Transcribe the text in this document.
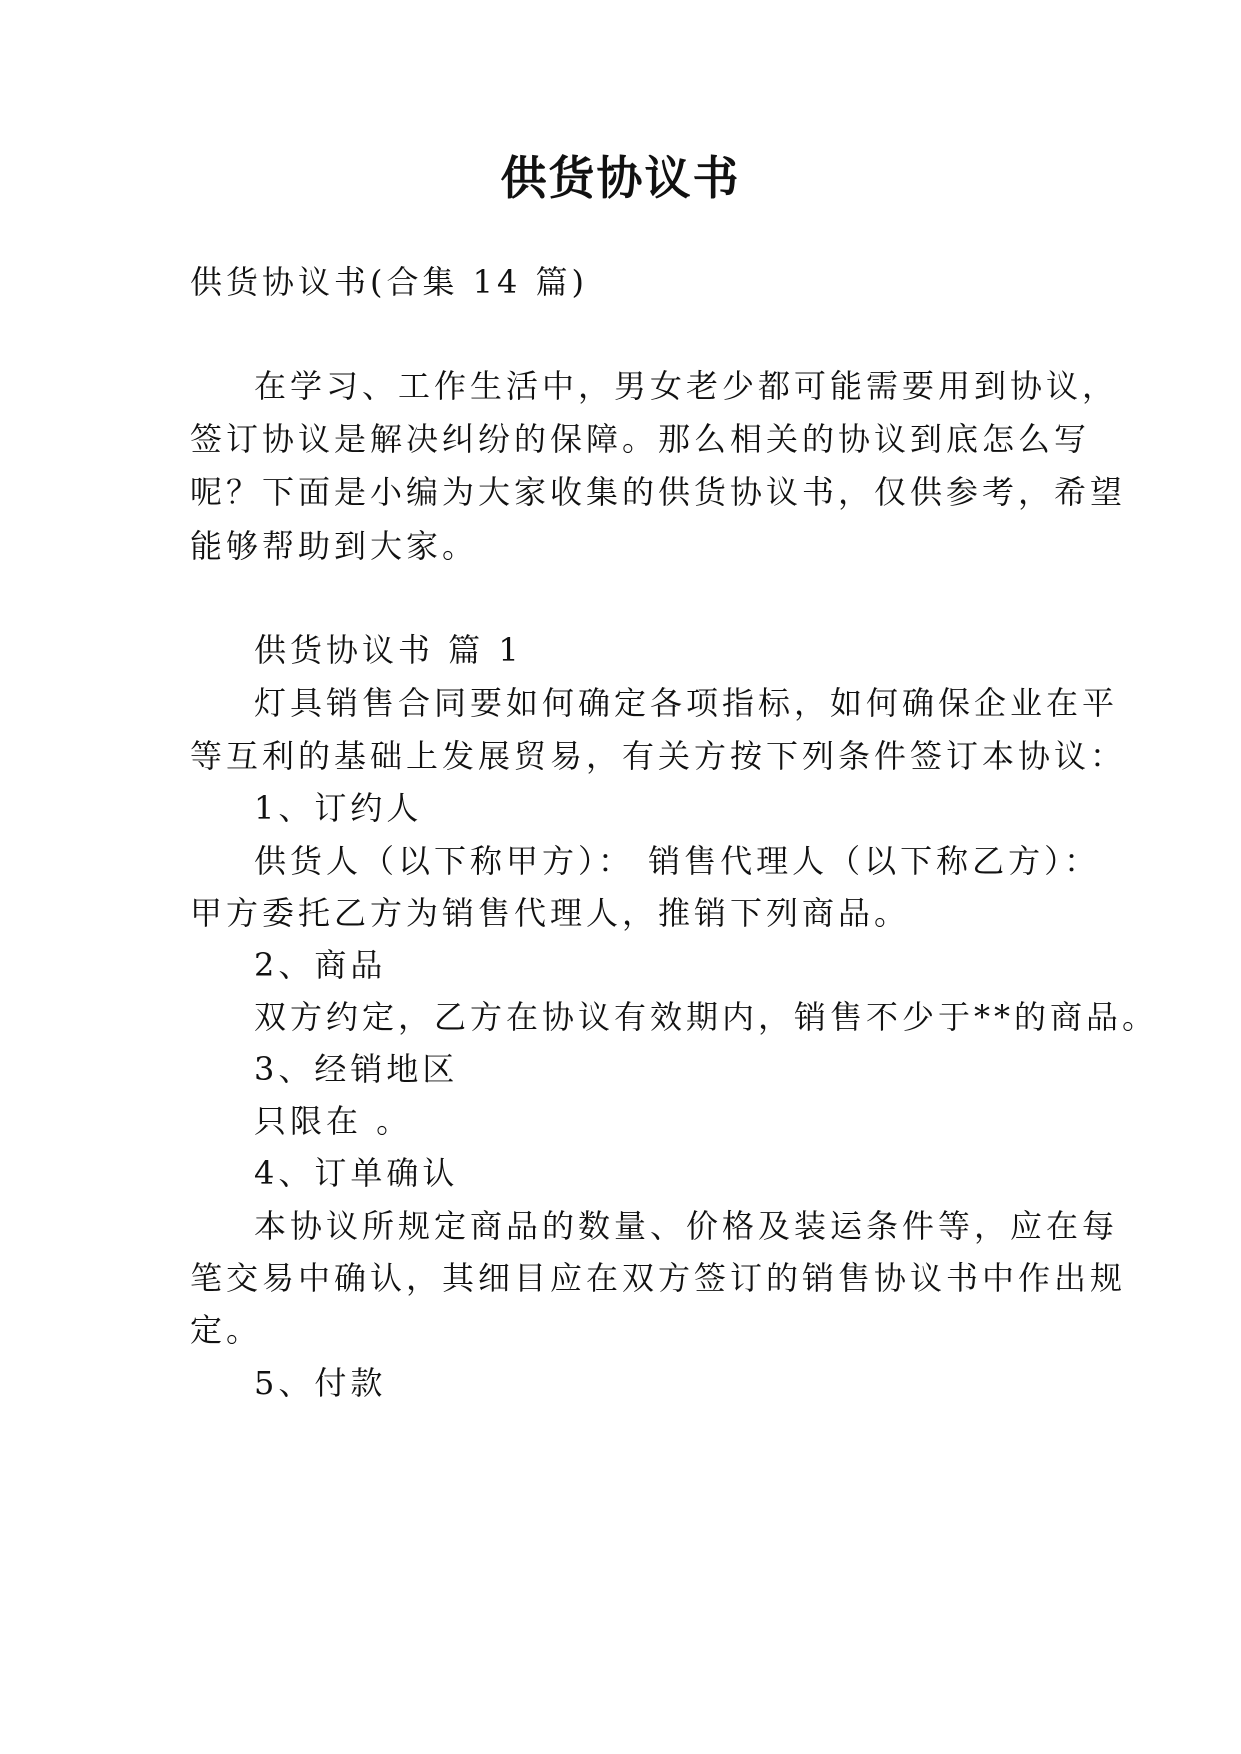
供货协议书

供货协议书(合集 14 篇)

在学习、工作生活中，男女老少都可能需要用到协议，

签订协议是解决纠纷的保障。那么相关的协议到底怎么写

呢？下面是小编为大家收集的供货协议书，仅供参考，希望

能够帮助到大家。

供货协议书 篇 1

灯具销售合同要如何确定各项指标，如何确保企业在平

等互利的基础上发展贸易，有关方按下列条件签订本协议：

1、订约人

供货人（以下称甲方）： 销售代理人（以下称乙方）：

甲方委托乙方为销售代理人，推销下列商品。

2、商品

双方约定，乙方在协议有效期内，销售不少于**的商品。

3、经销地区

只限在 。

4、订单确认

本协议所规定商品的数量、价格及装运条件等，应在每

笔交易中确认，其细目应在双方签订的销售协议书中作出规

定。

5、付款
